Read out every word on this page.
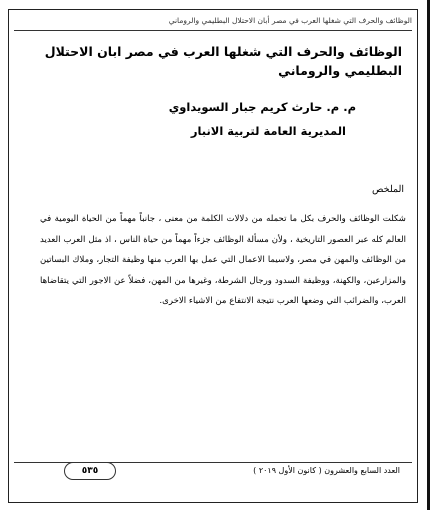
الوظائف والحرف التي شغلها العرب في مصر أبان الاحتلال البطليمي والروماني
الوظائف والحرف التي شغلها العرب في مصر ابان الاحتلال البطليمي والروماني
م. م. حارث كريم جبار السويداوي
المديرية العامة لتربية الانبار
الملخص
شكلت الوظائف والحرف بكل ما تحمله من دلالات الكلمة من معنى ، جانباً مهماً من الحياة اليومية في العالم كله عبر العصور التاريخية ، ولأن مسألة الوظائف جزءاً مهماً من حياة الناس ، اذ مثل العرب العديد من الوظائف والمهن في مصر، ولاسيما الاعمال التي عمل بها العرب منها وظيفة التجار، وملاك البساتين والمزارعين، والكهنة، ووظيفة السدود ورجال الشرطة، وغيرها من المهن، فضلاً عن الاجور التي يتقاضاها العرب، والضرائب التي وضعها العرب نتيجة الانتفاع من الاشياء الاخرى.
العدد السابع والعشرون ( كانون الأول ٢٠١٩ )
٥٣٥
